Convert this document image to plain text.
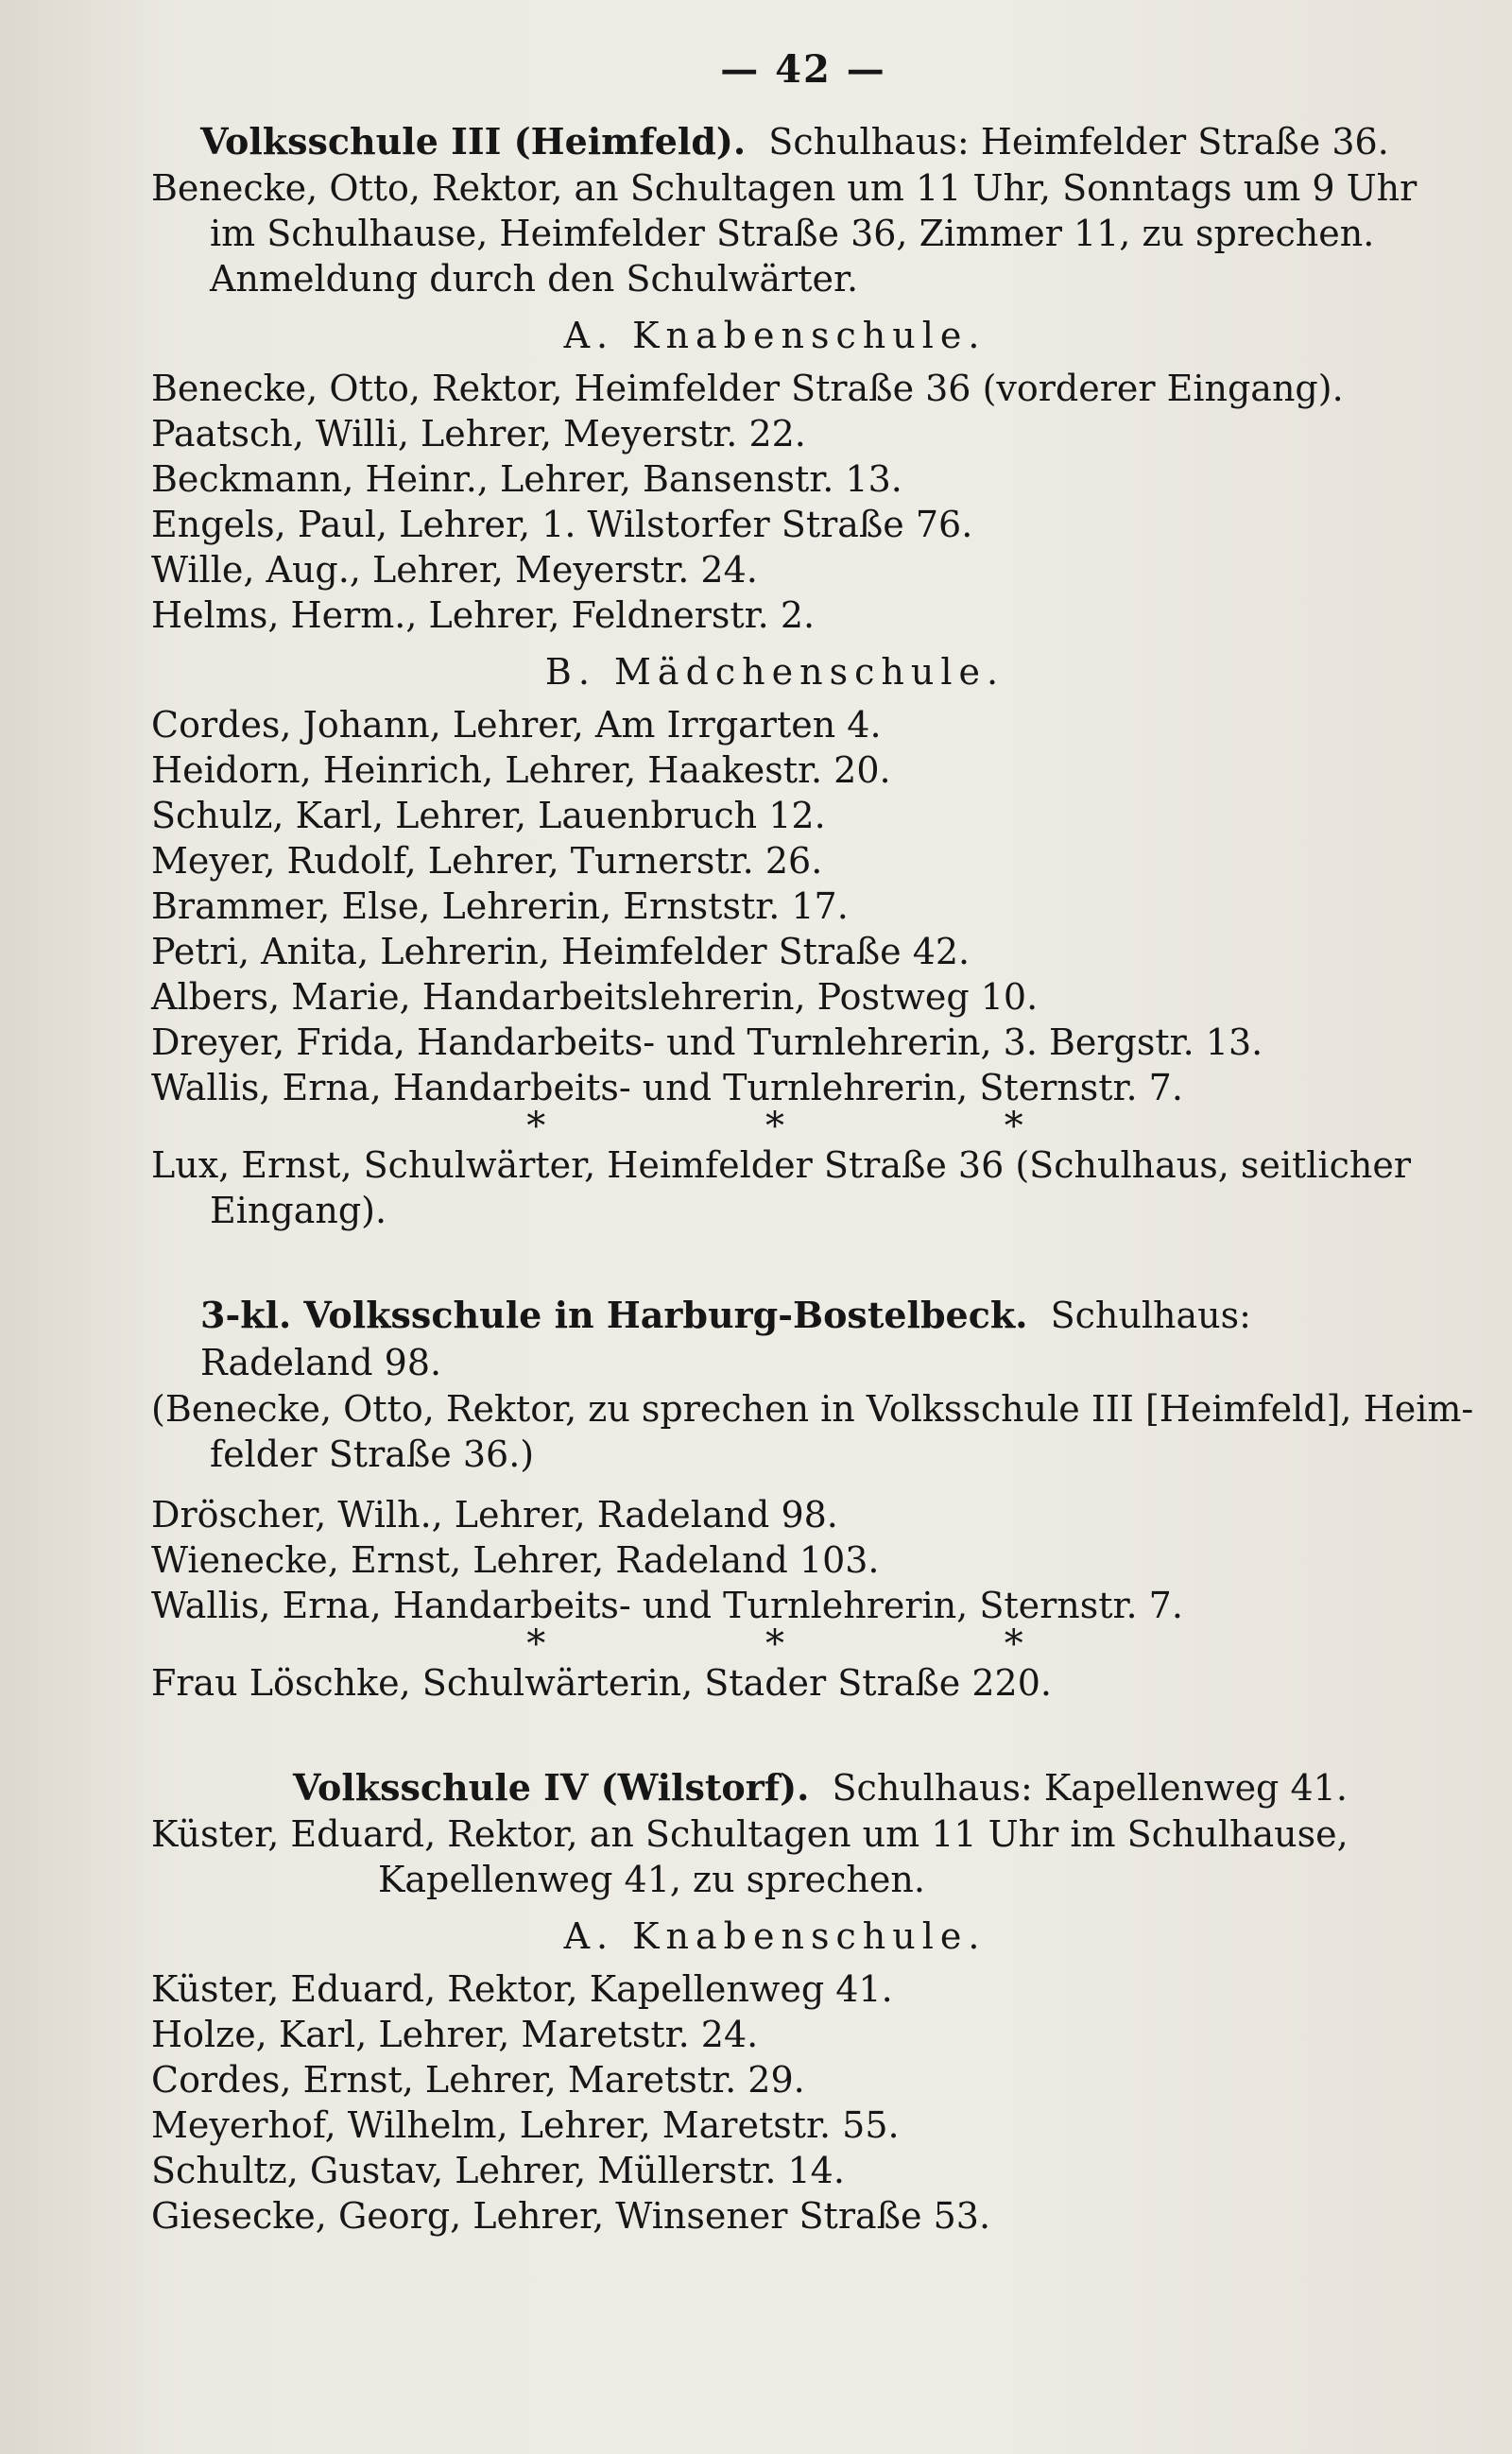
— 42 —
Volksschule III (Heimfeld). Schulhaus: Heimfelder Straße 36.
Benecke, Otto, Rektor, an Schultagen um 11 Uhr, Sonntags um 9 Uhr
im Schulhause, Heimfelder Straße 36, Zimmer 11, zu sprechen.
Anmeldung durch den Schulwärter.
A. Knabenschule.
Benecke, Otto, Rektor, Heimfelder Straße 36 (vorderer Eingang).
Paatsch, Willi, Lehrer, Meyerstr. 22.
Beckmann, Heinr., Lehrer, Bansenstr. 13.
Engels, Paul, Lehrer, 1. Wilstorfer Straße 76.
Wille, Aug., Lehrer, Meyerstr. 24.
Helms, Herm., Lehrer, Feldnerstr. 2.
B. Mädchenschule.
Cordes, Johann, Lehrer, Am Irrgarten 4.
Heidorn, Heinrich, Lehrer, Haakestr. 20.
Schulz, Karl, Lehrer, Lauenbruch 12.
Meyer, Rudolf, Lehrer, Turnerstr. 26.
Brammer, Else, Lehrerin, Ernststr. 17.
Petri, Anita, Lehrerin, Heimfelder Straße 42.
Albers, Marie, Handarbeitslehrerin, Postweg 10.
Dreyer, Frida, Handarbeits- und Turnlehrerin, 3. Bergstr. 13.
Wallis, Erna, Handarbeits- und Turnlehrerin, Sternstr. 7.
* * *
Lux, Ernst, Schulwärter, Heimfelder Straße 36 (Schulhaus, seitlicher
Eingang).
3-kl. Volksschule in Harburg-Bostelbeck. Schulhaus: Radeland 98.
(Benecke, Otto, Rektor, zu sprechen in Volksschule III [Heimfeld], Heim-
felder Straße 36.)
Dröscher, Wilh., Lehrer, Radeland 98.
Wienecke, Ernst, Lehrer, Radeland 103.
Wallis, Erna, Handarbeits- und Turnlehrerin, Sternstr. 7.
* * *
Frau Löschke, Schulwärterin, Stader Straße 220.
Volksschule IV (Wilstorf). Schulhaus: Kapellenweg 41.
Küster, Eduard, Rektor, an Schultagen um 11 Uhr im Schulhause,
Kapellenweg 41, zu sprechen.
A. Knabenschule.
Küster, Eduard, Rektor, Kapellenweg 41.
Holze, Karl, Lehrer, Maretstr. 24.
Cordes, Ernst, Lehrer, Maretstr. 29.
Meyerhof, Wilhelm, Lehrer, Maretstr. 55.
Schultz, Gustav, Lehrer, Müllerstr. 14.
Giesecke, Georg, Lehrer, Winsener Straße 53.
